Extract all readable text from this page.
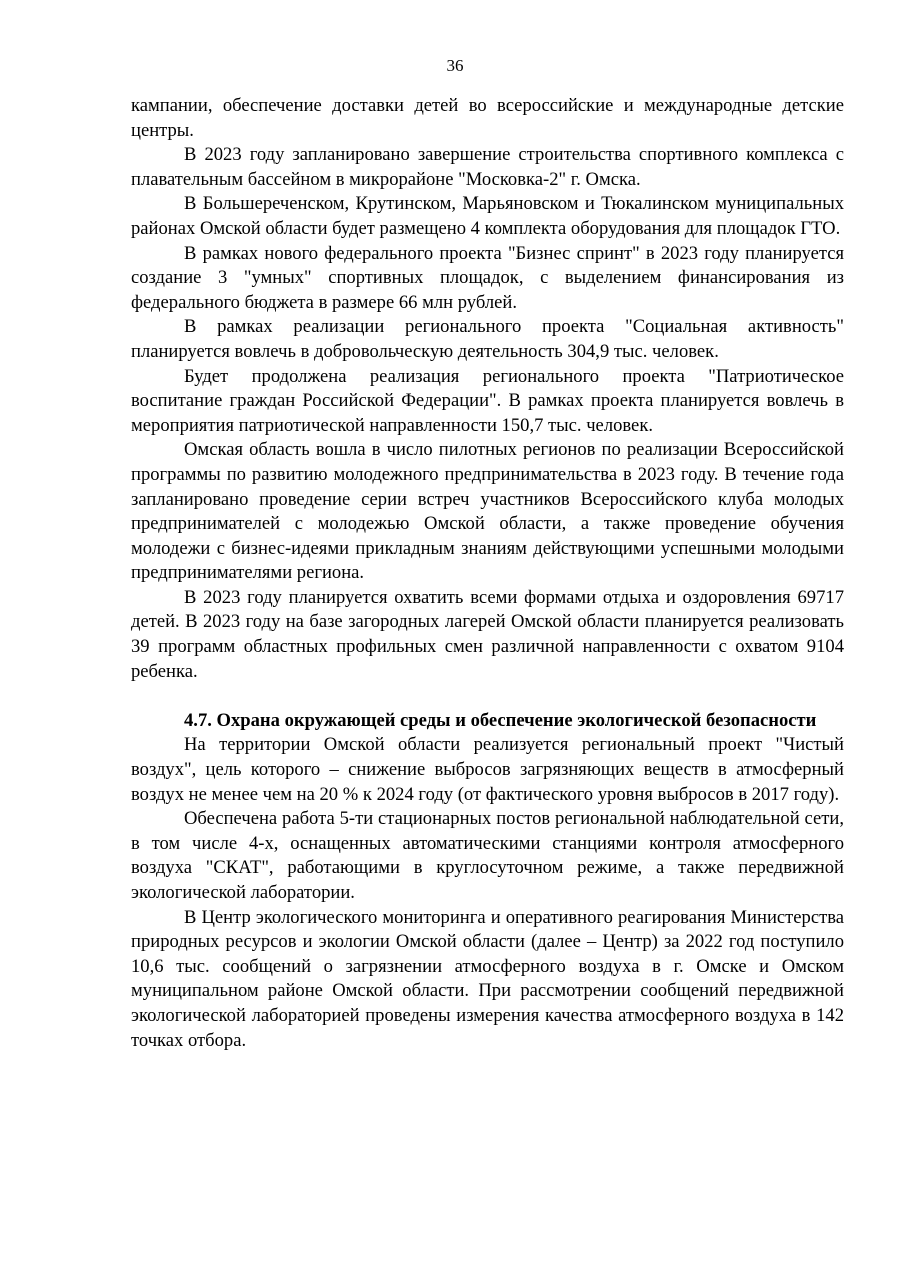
36

кампании, обеспечение доставки детей во всероссийские и международные детские центры.

В 2023 году запланировано завершение строительства спортивного комплекса с плавательным бассейном в микрорайоне "Московка-2" г. Омска.

В Большереченском, Крутинском, Марьяновском и Тюкалинском муниципальных районах Омской области будет размещено 4 комплекта оборудования для площадок ГТО.

В рамках нового федерального проекта "Бизнес спринт" в 2023 году планируется создание 3 "умных" спортивных площадок, с выделением финансирования из федерального бюджета в размере 66 млн рублей.

В рамках реализации регионального проекта "Социальная активность" планируется вовлечь в добровольческую деятельность 304,9 тыс. человек.

Будет продолжена реализация регионального проекта "Патриотическое воспитание граждан Российской Федерации". В рамках проекта планируется вовлечь в мероприятия патриотической направленности 150,7 тыс. человек.

Омская область вошла в число пилотных регионов по реализации Всероссийской программы по развитию молодежного предпринимательства в 2023 году. В течение года запланировано проведение серии встреч участников Всероссийского клуба молодых предпринимателей с молодежью Омской области, а также проведение обучения молодежи с бизнес-идеями прикладным знаниям действующими успешными молодыми предпринимателями региона.

В 2023 году планируется охватить всеми формами отдыха и оздоровления 69717 детей. В 2023 году на базе загородных лагерей Омской области планируется реализовать 39 программ областных профильных смен различной направленности с охватом 9104 ребенка.

4.7. Охрана окружающей среды и обеспечение экологической безопасности

На территории Омской области реализуется региональный проект "Чистый воздух", цель которого – снижение выбросов загрязняющих веществ в атмосферный воздух не менее чем на 20 % к 2024 году (от фактического уровня выбросов в 2017 году).

Обеспечена работа 5-ти стационарных постов региональной наблюдательной сети, в том числе 4-х, оснащенных автоматическими станциями контроля атмосферного воздуха "СКАТ", работающими в круглосуточном режиме, а также передвижной экологической лаборатории.

В Центр экологического мониторинга и оперативного реагирования Министерства природных ресурсов и экологии Омской области (далее – Центр) за 2022 год поступило 10,6 тыс. сообщений о загрязнении атмосферного воздуха в г. Омске и Омском муниципальном районе Омской области. При рассмотрении сообщений передвижной экологической лабораторией проведены измерения качества атмосферного воздуха в 142 точках отбора.
